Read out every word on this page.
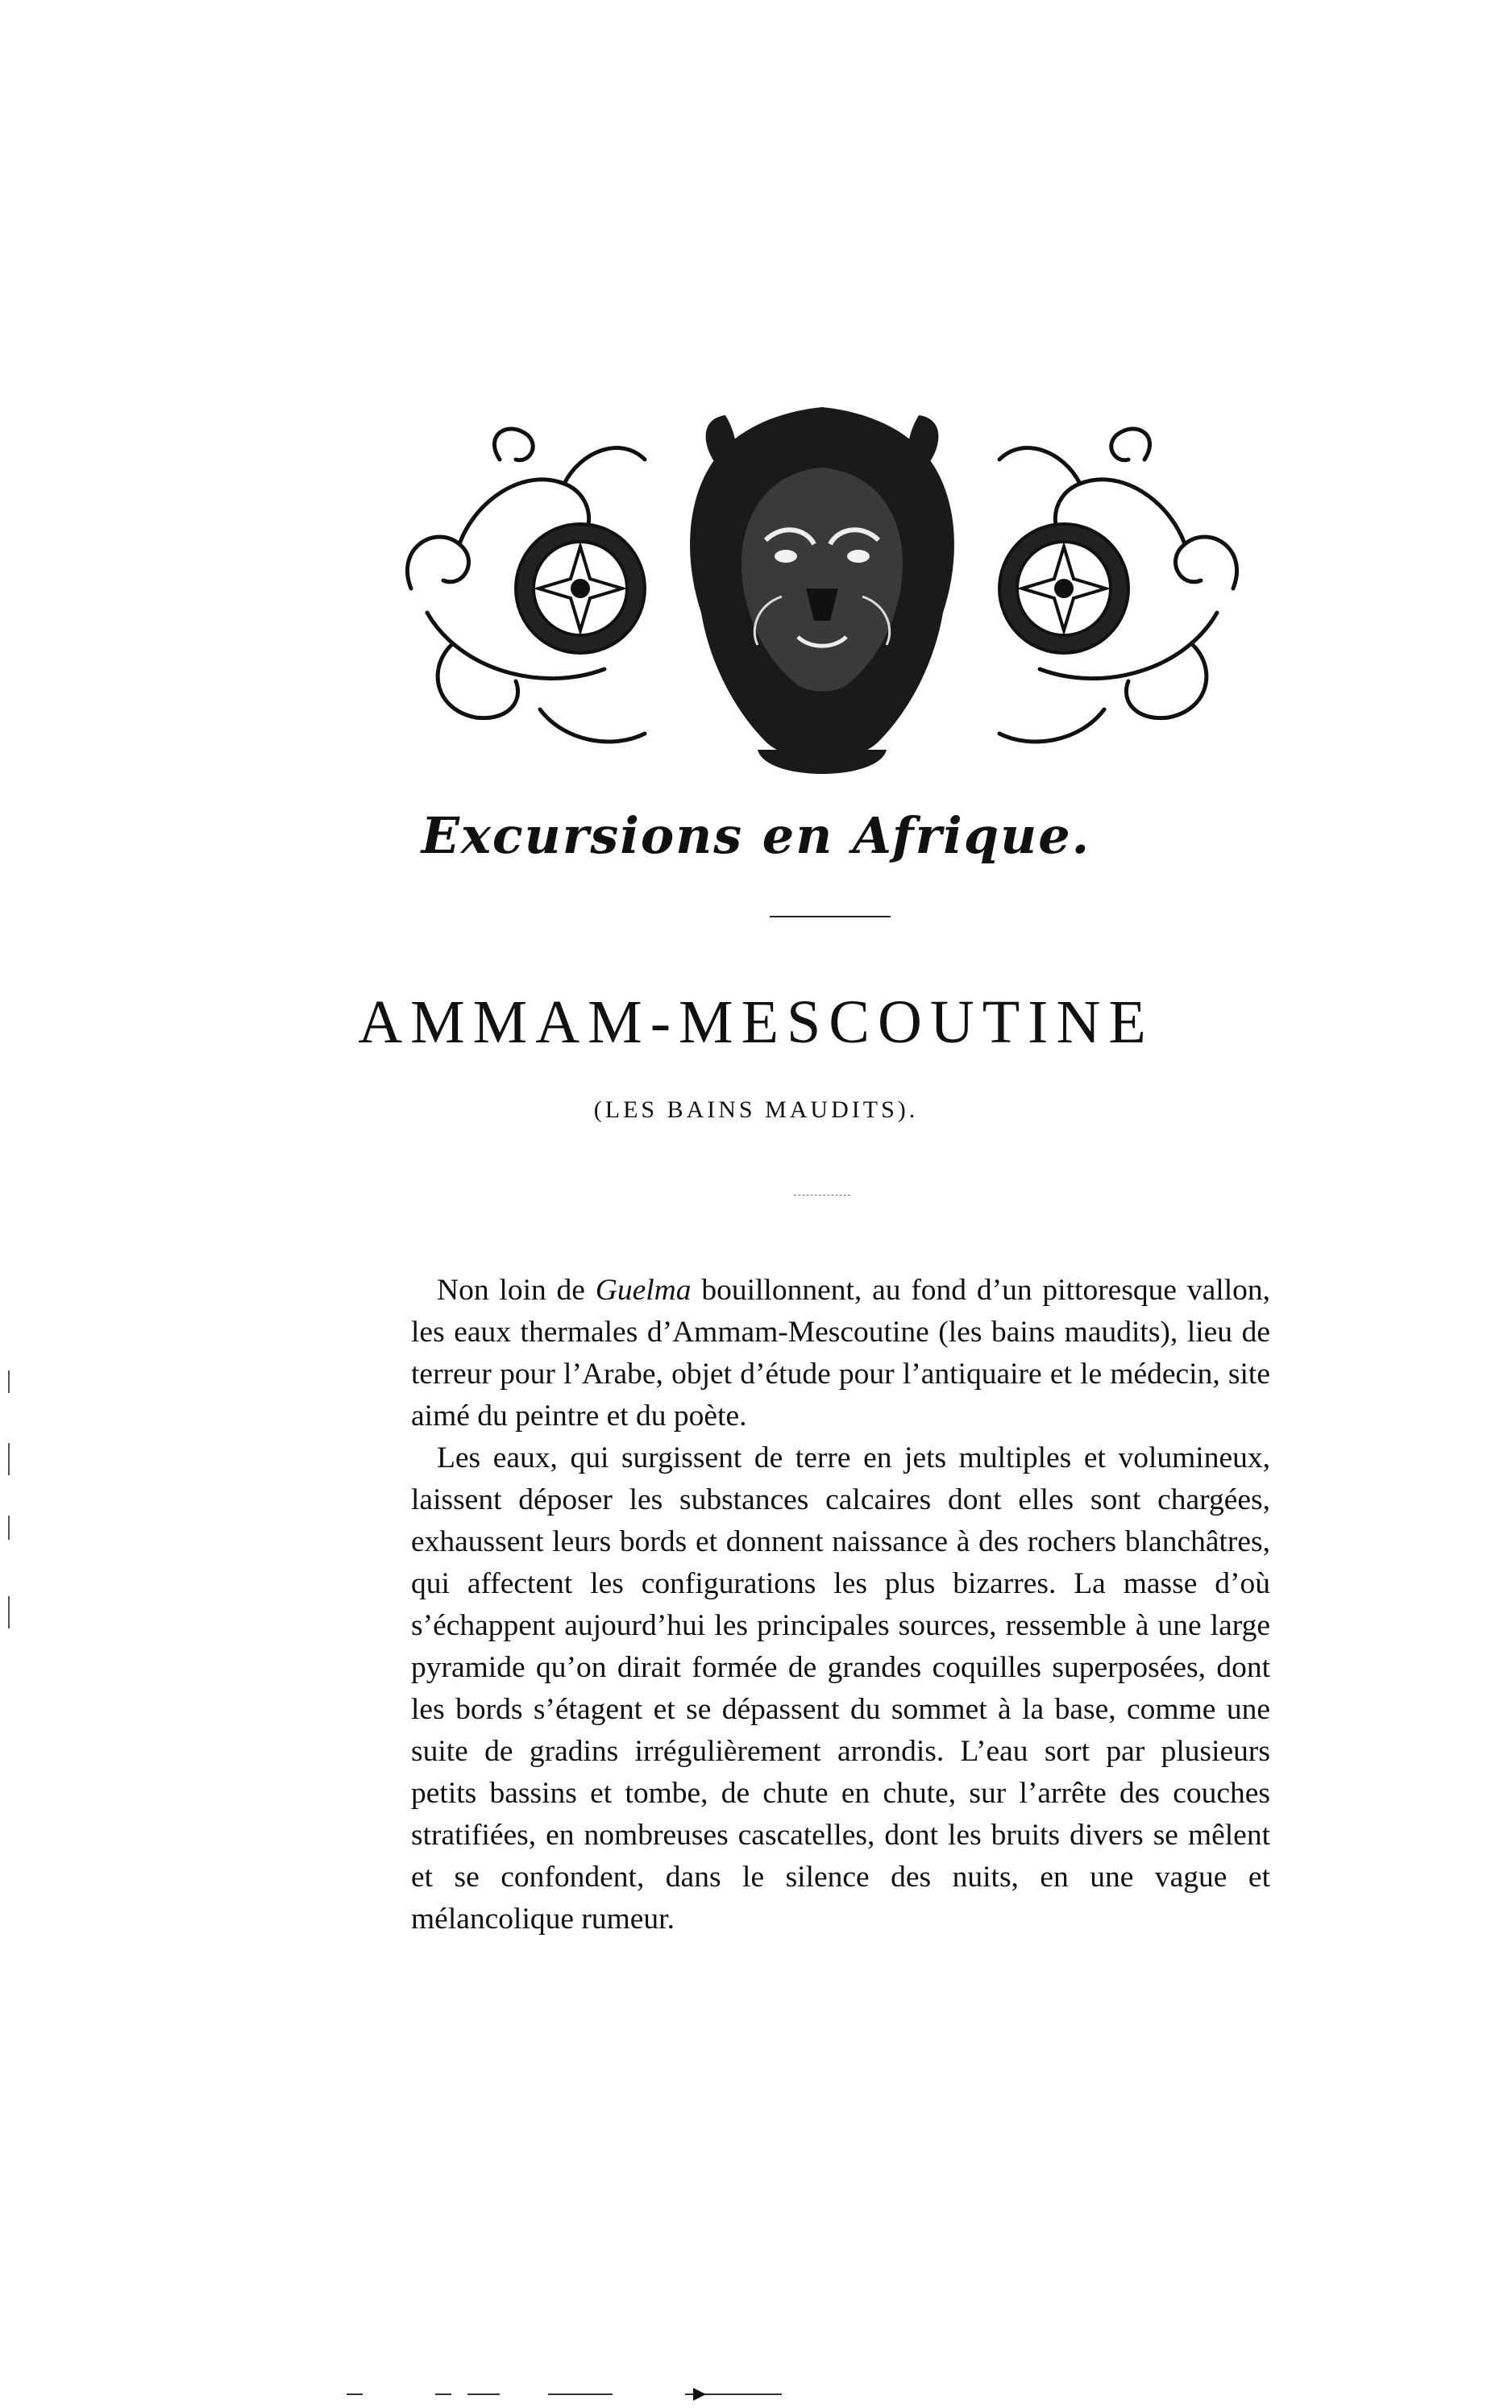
Excursions en Afrique.
AMMAM-MESCOUTINE
(LES BAINS MAUDITS).

Non loin de Guelma bouillonnent, au fond d’un pittoresque vallon, les eaux thermales d’Ammam-Mescoutine (les bains maudits), lieu de terreur pour l’Arabe, objet d’étude pour l’antiquaire et le médecin, site aimé du peintre et du poète.

Les eaux, qui surgissent de terre en jets multiples et volumineux, laissent déposer les substances calcaires dont elles sont chargées, exhaussent leurs bords et donnent naissance à des rochers blanchâtres, qui affectent les configurations les plus bizarres. La masse d’où s’échappent aujourd’hui les principales sources, ressemble à une large pyramide qu’on dirait formée de grandes coquilles superposées, dont les bords s’étagent et se dépassent du sommet à la base, comme une suite de gradins irrégulièrement arrondis. L’eau sort par plusieurs petits bassins et tombe, de chute en chute, sur l’arrête des couches stratifiées, en nombreuses cascatelles, dont les bruits divers se mêlent et se confondent, dans le silence des nuits, en une vague et mélancolique rumeur.
